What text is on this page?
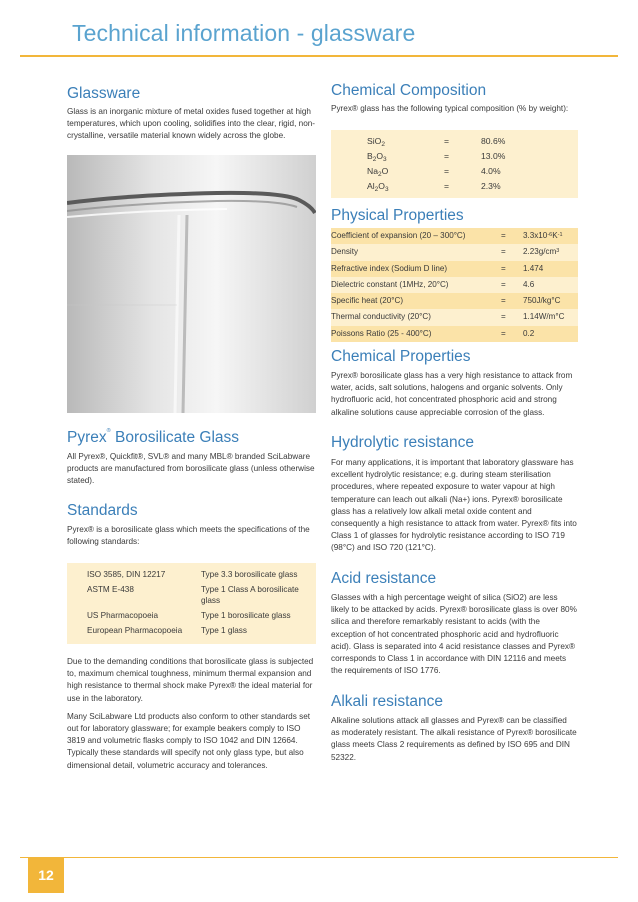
Technical information - glassware
Glassware
Glass is an inorganic mixture of metal oxides fused together at high temperatures, which upon cooling, solidifies into the clear, rigid, non-crystalline, versatile material known widely across the globe.
Pyrex® Borosilicate Glass
All Pyrex®, Quickfit®, SVL® and many MBL® branded SciLabware products are manufactured from borosilicate glass (unless otherwise stated).
Standards
Pyrex® is a borosilicate glass which meets the specifications of the following standards:
ISO 3585, DIN 12217	Type 3.3 borosilicate glass
ASTM E-438	Type 1 Class A borosilicate glass
US Pharmacopoeia	Type 1 borosilicate glass
European Pharmacopoeia	Type 1 glass

Due to the demanding conditions that borosilicate glass is subjected to, maximum chemical toughness, minimum thermal expansion and high resistance to thermal shock make Pyrex® the ideal material for use in the laboratory.

Many SciLabware Ltd products also conform to other standards set out for laboratory glassware; for example beakers comply to ISO 3819 and volumetric flasks comply to ISO 1042 and DIN 12664. Typically these standards will specify not only glass type, but also dimensional detail, volumetric accuracy and tolerances.

Chemical Composition
Pyrex® glass has the following typical composition (% by weight):
SiO$_2$	=	80.6%
$B_2O_3$	=	13.0%
$Na_2O$	=	4.0%
$Al_2O_3$	=	2.3%
Physical Properties
Coefficient of expansion (20 – 300°C)	= $3.3x10^{-6}K^{-1}$
Density	= $2.23g/cm^3$
Refractive index (Sodium D line)	= 1.474
Dielectric constant (1MHz, 20°C)	= 4.6
Specific heat (20°C)	= 750J/kg°C
Thermal conductivity (20°C)	= 1.14W/m°C
Poissons Ratio (25 - 400°C)	= 0.2
Chemical Properties
Pyrex® borosilicate glass has a very high resistance to attack from water, acids, salt solutions, halogens and organic solvents. Only hydrofluoric acid, hot concentrated phosphoric acid and strong alkaline solutions cause appreciable corrosion of the glass.
Hydrolytic resistance
For many applications, it is important that laboratory glassware has excellent hydrolytic resistance; e.g. during steam sterilisation procedures, where repeated exposure to water vapour at high temperature can leach out alkali (Na+) ions. Pyrex® borosilicate glass has a relatively low alkali metal oxide content and consequently a high resistance to attack from water. Pyrex® fits into Class 1 of glasses for hydrolytic resistance according to ISO 719 (98°C) and ISO 720 (121°C).
Acid resistance
Glasses with a high percentage weight of silica (SiO2) are less likely to be attacked by acids. Pyrex® borosilicate glass is over 80% silica and therefore remarkably resistant to acids (with the exception of hot concentrated phosphoric acid and hydrofluoric acid). Glass is separated into 4 acid resistance classes and Pyrex® corresponds to Class 1 in accordance with DIN 12116 and meets the requirements of ISO 1776.
Alkali resistance
Alkaline solutions attack all glasses and Pyrex® can be classified as moderately resistant. The alkali resistance of Pyrex® borosilicate glass meets Class 2 requirements as defined by ISO 695 and DIN 52322.
12
